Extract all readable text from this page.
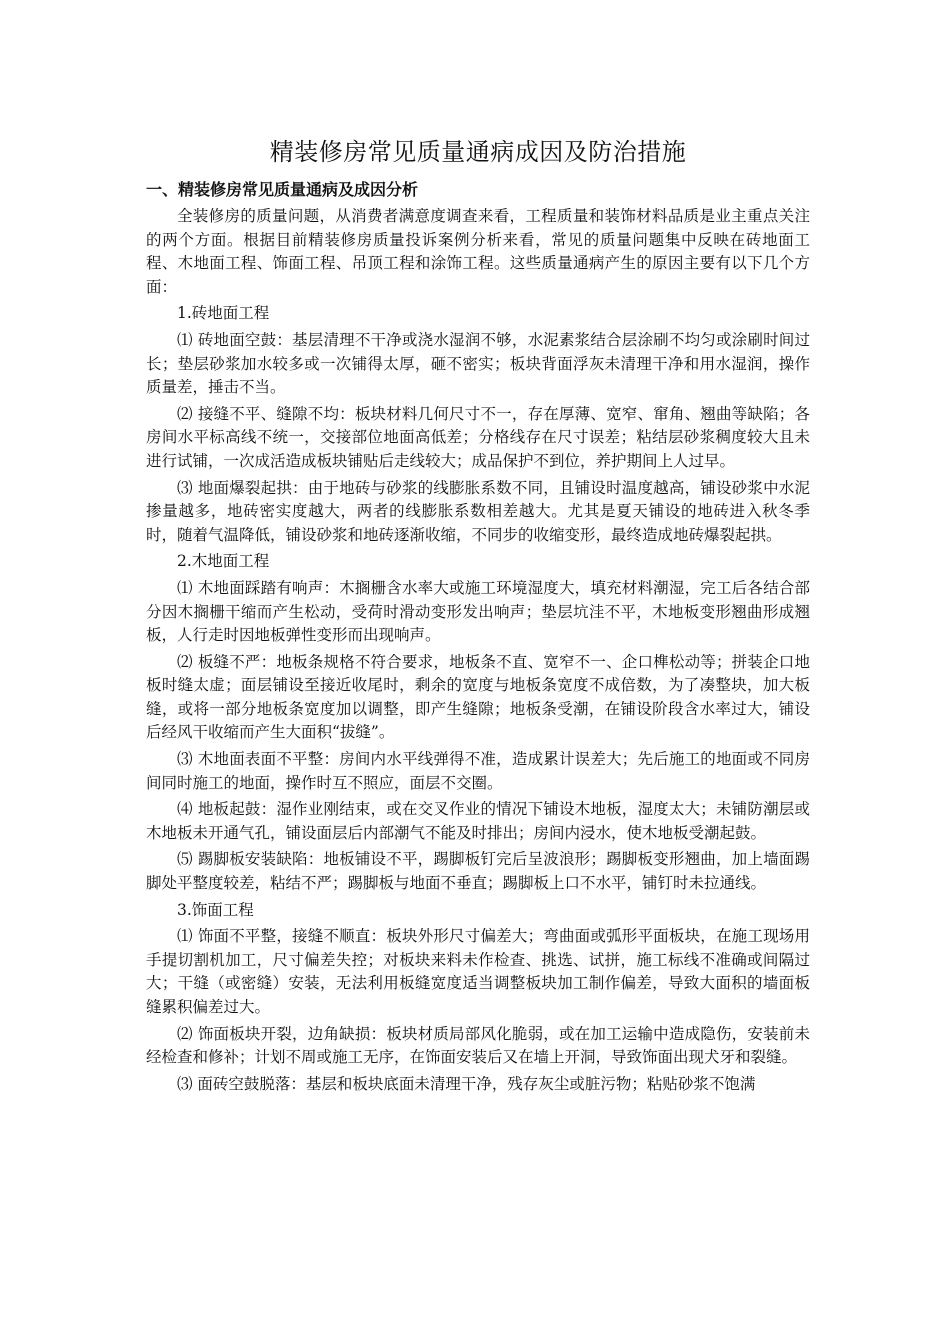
精装修房常见质量通病成因及防治措施
一、精装修房常见质量通病及成因分析

全装修房的质量问题，从消费者满意度调查来看，工程质量和装饰材料品质是业主重点关注的两个方面。根据目前精装修房质量投诉案例分析来看，常见的质量问题集中反映在砖地面工程、木地面工程、饰面工程、吊顶工程和涂饰工程。这些质量通病产生的原因主要有以下几个方面：

1.砖地面工程

⑴ 砖地面空鼓：基层清理不干净或浇水湿润不够，水泥素浆结合层涂刷不均匀或涂刷时间过长；垫层砂浆加水较多或一次铺得太厚，砸不密实；板块背面浮灰未清理干净和用水湿润，操作质量差，捶击不当。

⑵ 接缝不平、缝隙不均：板块材料几何尺寸不一，存在厚薄、宽窄、窜角、翘曲等缺陷；各房间水平标高线不统一，交接部位地面高低差；分格线存在尺寸误差；粘结层砂浆稠度较大且未进行试铺，一次成活造成板块铺贴后走线较大；成品保护不到位，养护期间上人过早。

⑶ 地面爆裂起拱：由于地砖与砂浆的线膨胀系数不同，且铺设时温度越高，铺设砂浆中水泥掺量越多，地砖密实度越大，两者的线膨胀系数相差越大。尤其是夏天铺设的地砖进入秋冬季时，随着气温降低，铺设砂浆和地砖逐渐收缩，不同步的收缩变形，最终造成地砖爆裂起拱。

2.木地面工程

⑴ 木地面踩踏有响声：木搁栅含水率大或施工环境湿度大，填充材料潮湿，完工后各结合部分因木搁栅干缩而产生松动，受荷时滑动变形发出响声；垫层坑洼不平，木地板变形翘曲形成翘板，人行走时因地板弹性变形而出现响声。

⑵ 板缝不严：地板条规格不符合要求，地板条不直、宽窄不一、企口榫松动等；拼装企口地板时缝太虚；面层铺设至接近收尾时，剩余的宽度与地板条宽度不成倍数，为了凑整块，加大板缝，或将一部分地板条宽度加以调整，即产生缝隙；地板条受潮，在铺设阶段含水率过大，铺设后经风干收缩而产生大面积“拔缝”。

⑶ 木地面表面不平整：房间内水平线弹得不准，造成累计误差大；先后施工的地面或不同房间同时施工的地面，操作时互不照应，面层不交圈。

⑷ 地板起鼓：湿作业刚结束，或在交叉作业的情况下铺设木地板，湿度太大；未铺防潮层或木地板未开通气孔，铺设面层后内部潮气不能及时排出；房间内浸水，使木地板受潮起鼓。

⑸ 踢脚板安装缺陷：地板铺设不平，踢脚板钉完后呈波浪形；踢脚板变形翘曲，加上墙面踢脚处平整度较差，粘结不严；踢脚板与地面不垂直；踢脚板上口不水平，铺钉时未拉通线。

3.饰面工程

⑴ 饰面不平整，接缝不顺直：板块外形尺寸偏差大；弯曲面或弧形平面板块，在施工现场用手提切割机加工，尺寸偏差失控；对板块来料未作检查、挑选、试拼，施工标线不准确或间隔过大；干缝（或密缝）安装，无法利用板缝宽度适当调整板块加工制作偏差，导致大面积的墙面板缝累积偏差过大。

⑵ 饰面板块开裂，边角缺损：板块材质局部风化脆弱，或在加工运输中造成隐伤，安装前未经检查和修补；计划不周或施工无序，在饰面安装后又在墙上开洞，导致饰面出现犬牙和裂缝。

⑶ 面砖空鼓脱落：基层和板块底面未清理干净，残存灰尘或脏污物；粘贴砂浆不饱满
